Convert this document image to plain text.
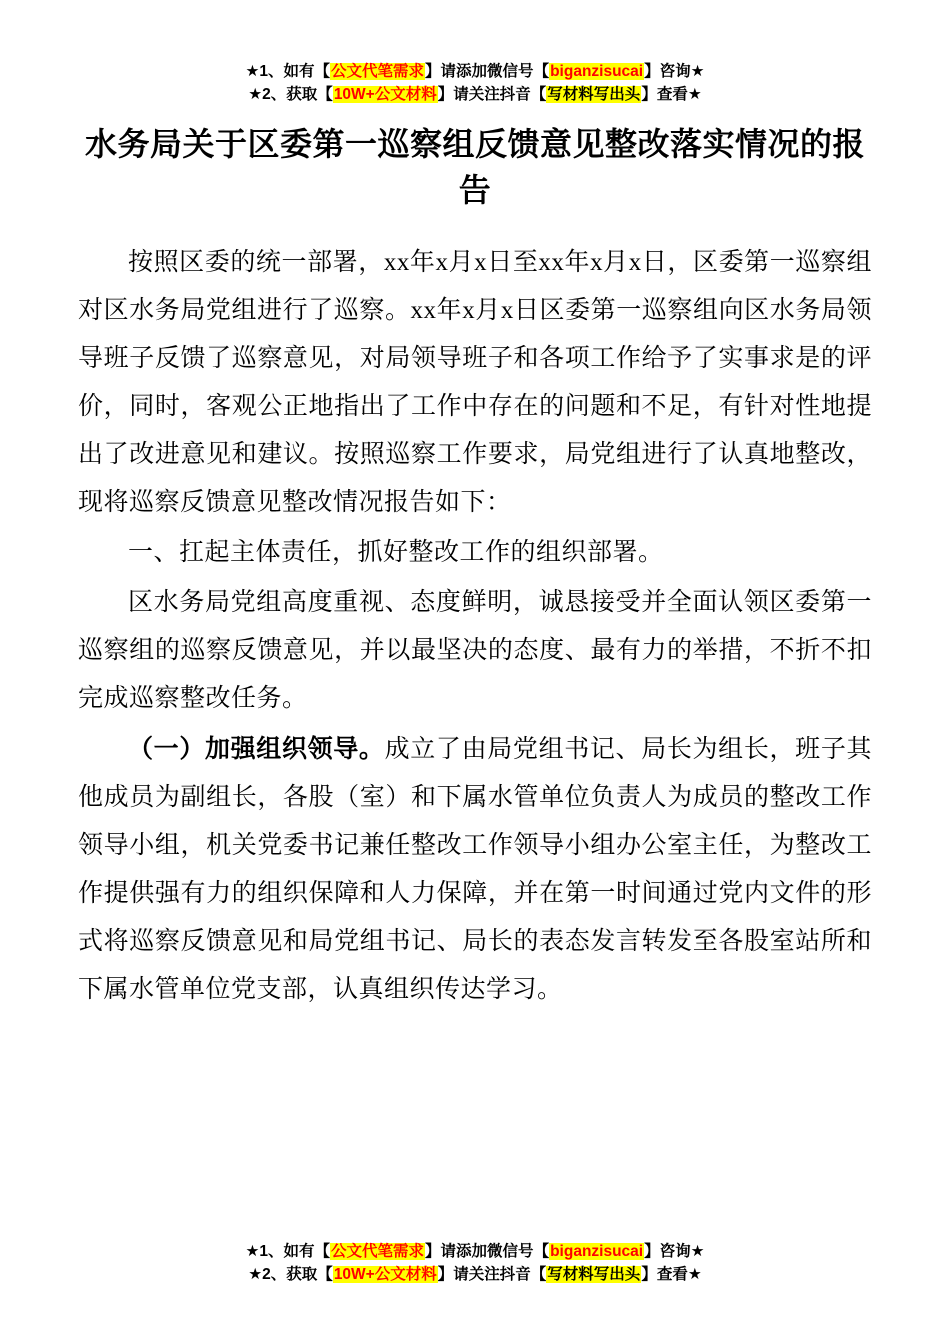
★1、如有【公文代笔需求】请添加微信号【biganzisucai】咨询★
★2、获取【10W+公文材料】请关注抖音【写材料写出头】查看★
水务局关于区委第一巡察组反馈意见整改落实情况的报告

按照区委的统一部署，xx年x月x日至xx年x月x日，区委第一巡察组对区水务局党组进行了巡察。xx年x月x日区委第一巡察组向区水务局领导班子反馈了巡察意见，对局领导班子和各项工作给予了实事求是的评价，同时，客观公正地指出了工作中存在的问题和不足，有针对性地提出了改进意见和建议。按照巡察工作要求，局党组进行了认真地整改，现将巡察反馈意见整改情况报告如下：

一、扛起主体责任，抓好整改工作的组织部署。

区水务局党组高度重视、态度鲜明，诚恳接受并全面认领区委第一巡察组的巡察反馈意见，并以最坚决的态度、最有力的举措，不折不扣完成巡察整改任务。

（一）加强组织领导。成立了由局党组书记、局长为组长，班子其他成员为副组长，各股（室）和下属水管单位负责人为成员的整改工作领导小组，机关党委书记兼任整改工作领导小组办公室主任，为整改工作提供强有力的组织保障和人力保障，并在第一时间通过党内文件的形式将巡察反馈意见和局党组书记、局长的表态发言转发至各股室站所和下属水管单位党支部，认真组织传达学习。

★1、如有【公文代笔需求】请添加微信号【biganzisucai】咨询★
★2、获取【10W+公文材料】请关注抖音【写材料写出头】查看★
